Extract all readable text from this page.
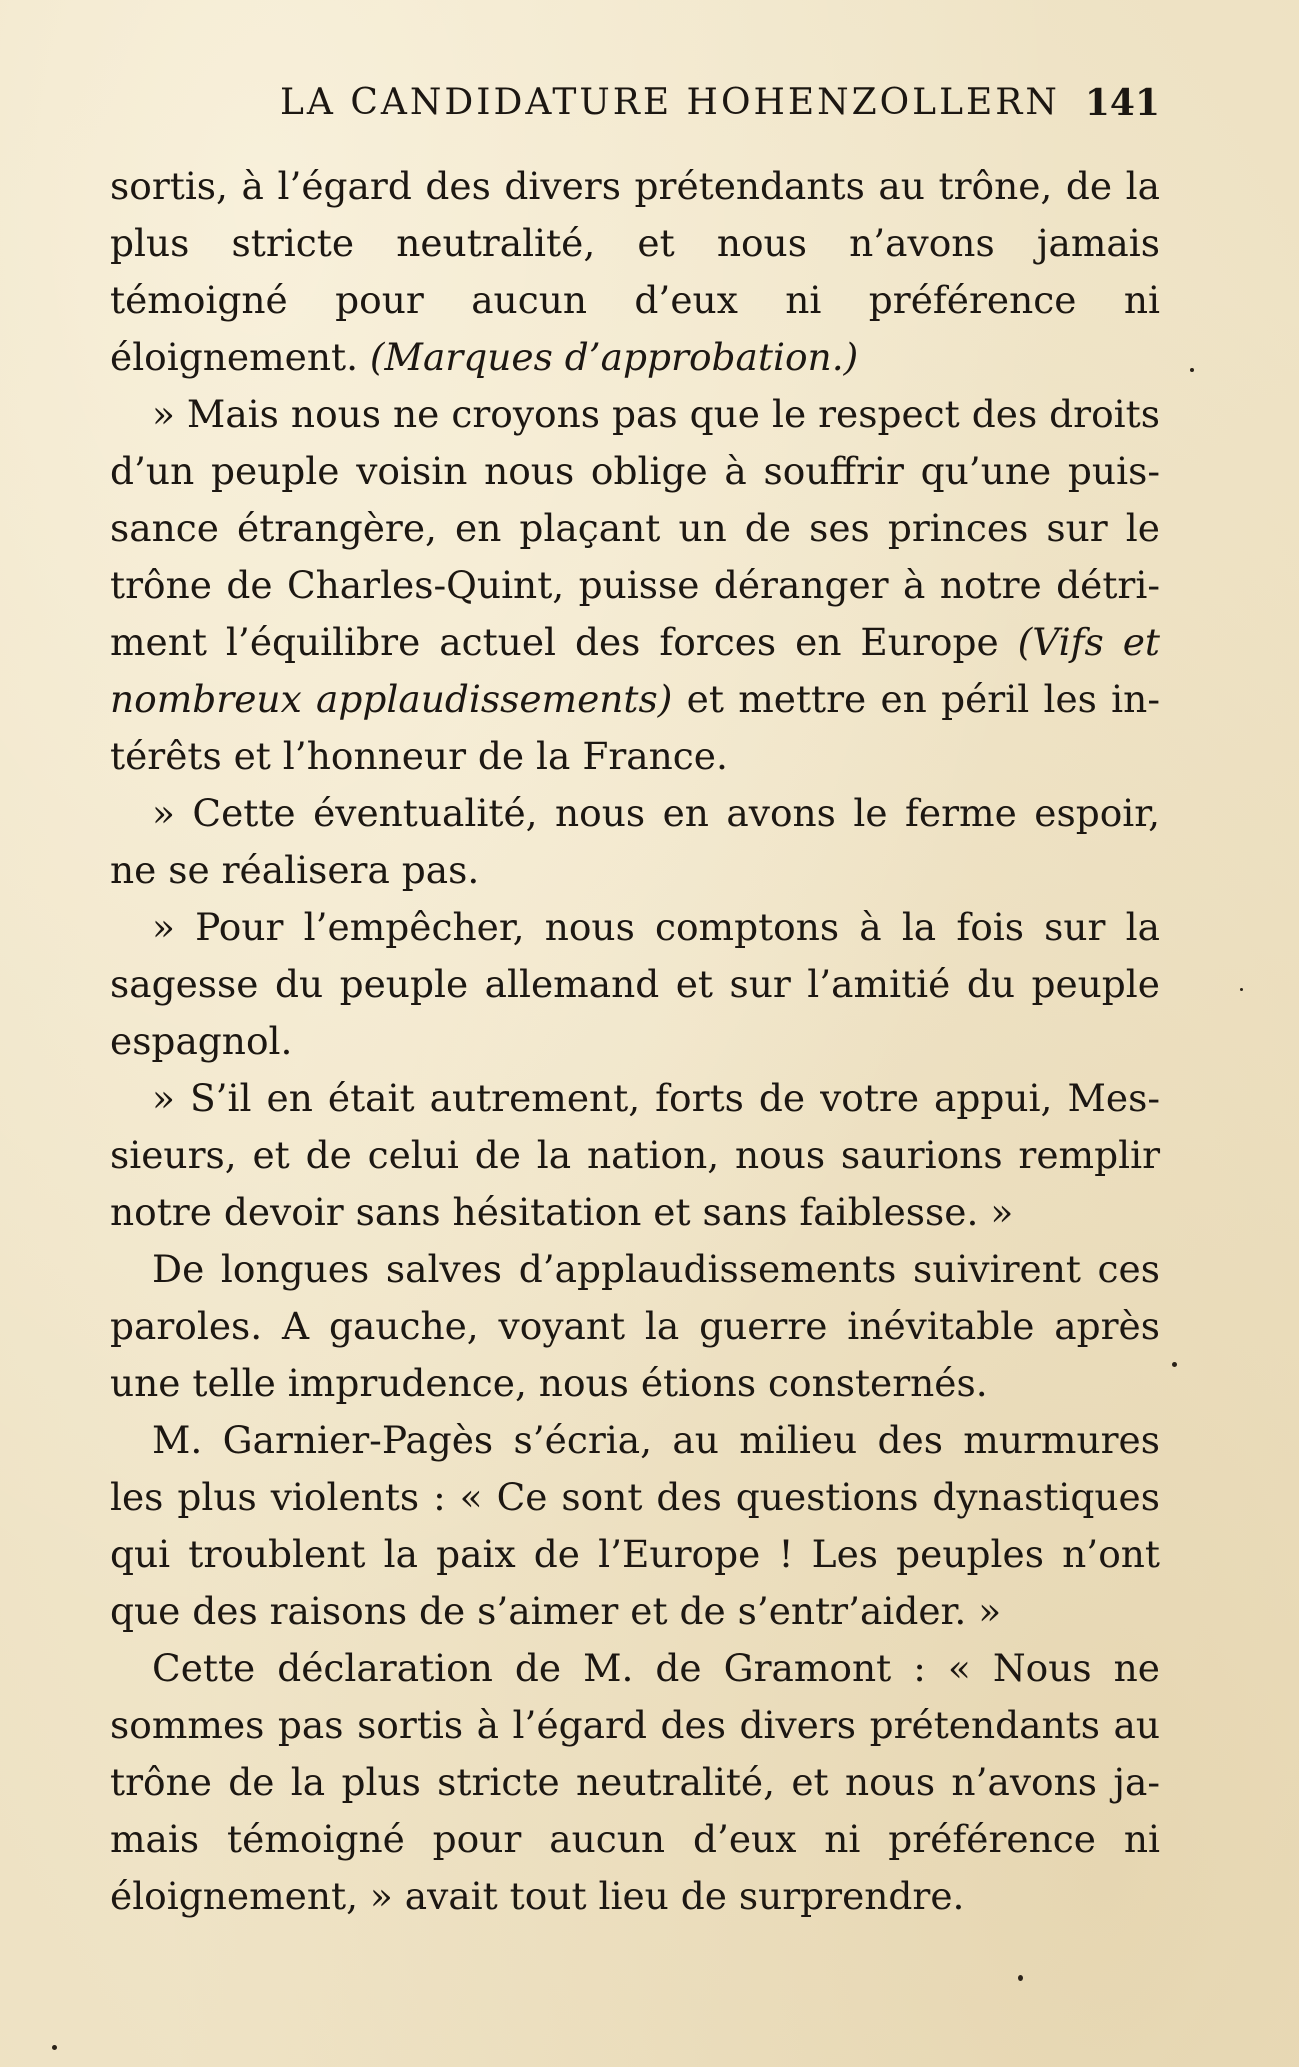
LA CANDIDATURE HOHENZOLLERN 141

sortis, à l’égard des divers prétendants au trône, de la plus stricte neutralité, et nous n’avons jamais témoigné pour aucun d’eux ni préférence ni éloignement. (Marques d’approbation.)

» Mais nous ne croyons pas que le respect des droits d’un peuple voisin nous oblige à souffrir qu’une puissance étrangère, en plaçant un de ses princes sur le trône de Charles-Quint, puisse déranger à notre détriment l’équilibre actuel des forces en Europe (Vifs et nombreux applaudissements) et mettre en péril les intérêts et l’honneur de la France.

» Cette éventualité, nous en avons le ferme espoir, ne se réalisera pas.

» Pour l’empêcher, nous comptons à la fois sur la sagesse du peuple allemand et sur l’amitié du peuple espagnol.

» S’il en était autrement, forts de votre appui, Messieurs, et de celui de la nation, nous saurions remplir notre devoir sans hésitation et sans faiblesse. »

De longues salves d’applaudissements suivirent ces paroles. A gauche, voyant la guerre inévitable après une telle imprudence, nous étions consternés.

M. Garnier-Pagès s’écria, au milieu des murmures les plus violents : « Ce sont des questions dynastiques qui troublent la paix de l’Europe ! Les peuples n’ont que des raisons de s’aimer et de s’entr’aider. »

Cette déclaration de M. de Gramont : « Nous ne sommes pas sortis à l’égard des divers prétendants au trône de la plus stricte neutralité, et nous n’avons jamais témoigné pour aucun d’eux ni préférence ni éloignement, » avait tout lieu de surprendre.
